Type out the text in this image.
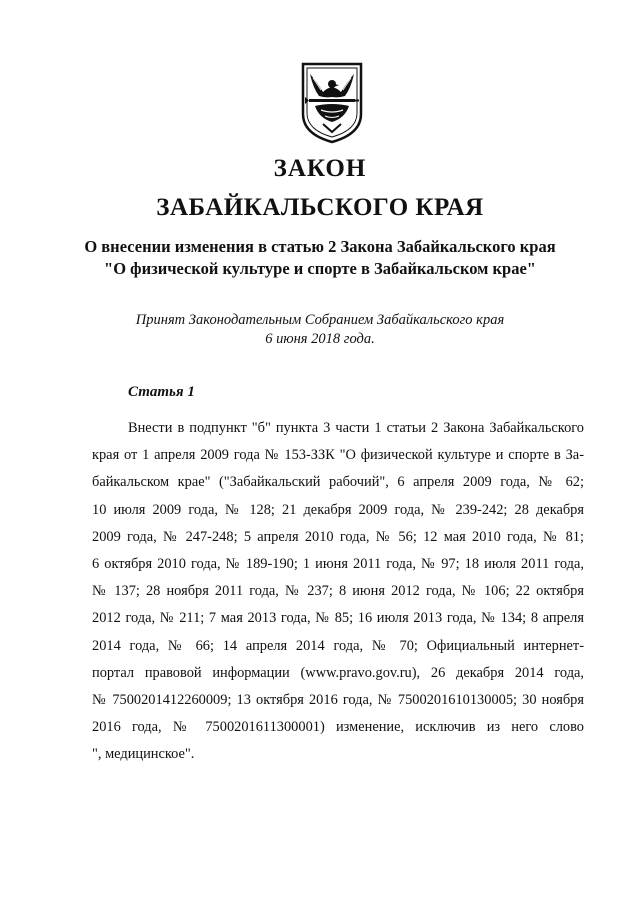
ЗАКОН
ЗАБАЙКАЛЬСКОГО КРАЯ
О внесении изменения в статью 2 Закона Забайкальского края
"О физической культуре и спорте в Забайкальском крае"
Принят Законодательным Собранием Забайкальского края
6 июня 2018 года.
Статья 1
Внести в подпункт "б" пункта 3 части 1 статьи 2 Закона Забайкальского
края от 1 апреля 2009 года № 153-ЗЗК "О физической культуре и спорте в За-
байкальском крае" ("Забайкальский рабочий", 6 апреля 2009 года, № 62;
10 июля 2009 года, № 128; 21 декабря 2009 года, № 239-242; 28 декабря
2009 года, № 247-248; 5 апреля 2010 года, № 56; 12 мая 2010 года, № 81;
6 октября 2010 года, № 189-190; 1 июня 2011 года, № 97; 18 июля 2011 года,
№ 137; 28 ноября 2011 года, № 237; 8 июня 2012 года, № 106; 22 октября
2012 года, № 211; 7 мая 2013 года, № 85; 16 июля 2013 года, № 134; 8 апреля
2014 года, № 66; 14 апреля 2014 года, № 70; Официальный интернет-
портал правовой информации (www.pravo.gov.ru), 26 декабря 2014 года,
№ 7500201412260009; 13 октября 2016 года, № 7500201610130005; 30 ноября
2016 года, № 7500201611300001) изменение, исключив из него слово
", медицинское".
